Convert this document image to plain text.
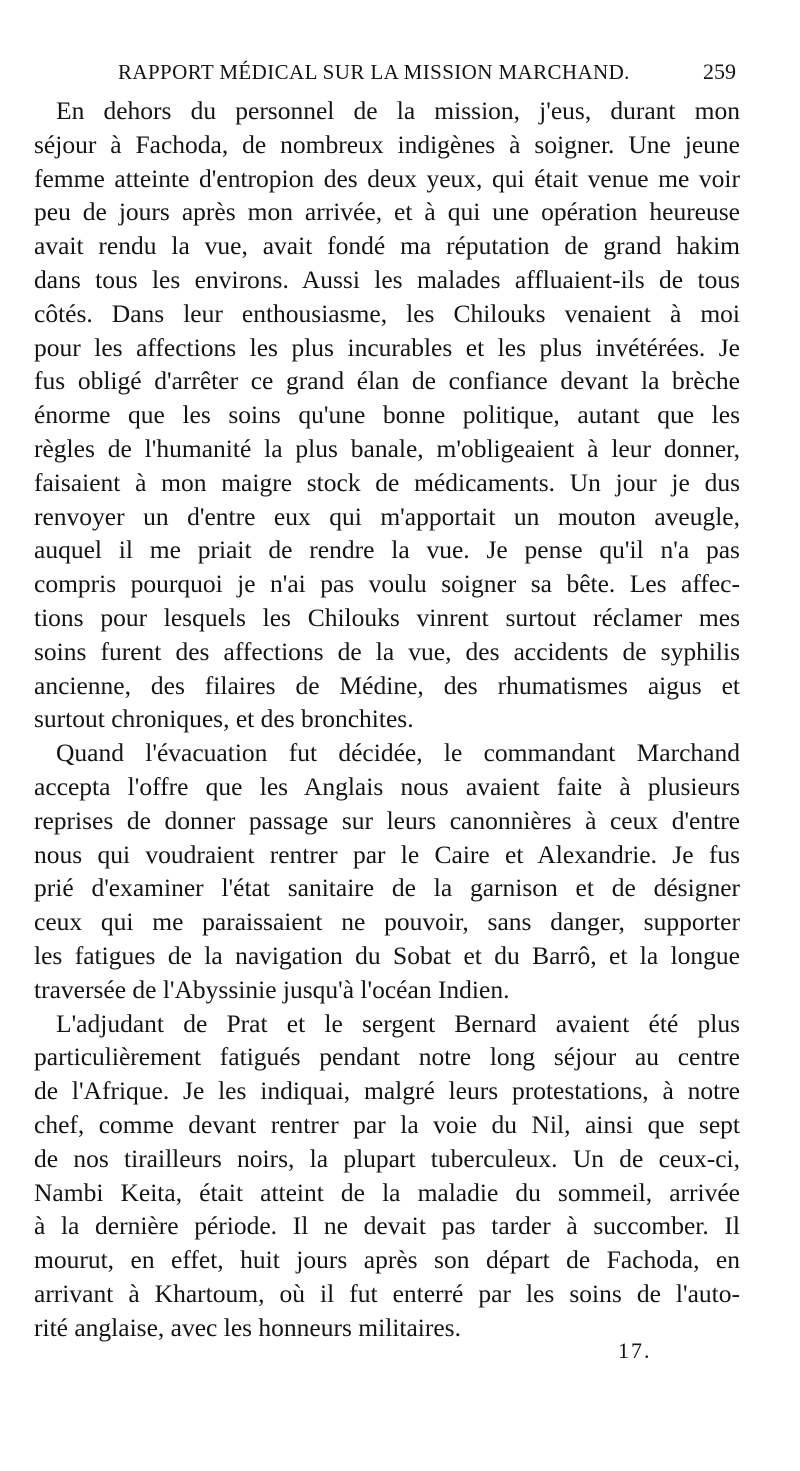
RAPPORT MÉDICAL SUR LA MISSION MARCHAND.	259
En dehors du personnel de la mission, j'eus, durant mon
séjour à Fachoda, de nombreux indigènes à soigner. Une jeune
femme atteinte d'entropion des deux yeux, qui était venue me voir
peu de jours après mon arrivée, et à qui une opération heureuse
avait rendu la vue, avait fondé ma réputation de grand hakim
dans tous les environs. Aussi les malades affluaient-ils de tous
côtés. Dans leur enthousiasme, les Chilouks venaient à moi
pour les affections les plus incurables et les plus invétérées. Je
fus obligé d'arrêter ce grand élan de confiance devant la brèche
énorme que les soins qu'une bonne politique, autant que les
règles de l'humanité la plus banale, m'obligeaient à leur donner,
faisaient à mon maigre stock de médicaments. Un jour je dus
renvoyer un d'entre eux qui m'apportait un mouton aveugle,
auquel il me priait de rendre la vue. Je pense qu'il n'a pas
compris pourquoi je n'ai pas voulu soigner sa bête. Les affec-
tions pour lesquels les Chilouks vinrent surtout réclamer mes
soins furent des affections de la vue, des accidents de syphilis
ancienne, des filaires de Médine, des rhumatismes aigus et
surtout chroniques, et des bronchites.
Quand l'évacuation fut décidée, le commandant Marchand
accepta l'offre que les Anglais nous avaient faite à plusieurs
reprises de donner passage sur leurs canonnières à ceux d'entre
nous qui voudraient rentrer par le Caire et Alexandrie. Je fus
prié d'examiner l'état sanitaire de la garnison et de désigner
ceux qui me paraissaient ne pouvoir, sans danger, supporter
les fatigues de la navigation du Sobat et du Barrô, et la longue
traversée de l'Abyssinie jusqu'à l'océan Indien.
L'adjudant de Prat et le sergent Bernard avaient été plus
particulièrement fatigués pendant notre long séjour au centre
de l'Afrique. Je les indiquai, malgré leurs protestations, à notre
chef, comme devant rentrer par la voie du Nil, ainsi que sept
de nos tirailleurs noirs, la plupart tuberculeux. Un de ceux-ci,
Nambi Keita, était atteint de la maladie du sommeil, arrivée
à la dernière période. Il ne devait pas tarder à succomber. Il
mourut, en effet, huit jours après son départ de Fachoda, en
arrivant à Khartoum, où il fut enterré par les soins de l'auto-
rité anglaise, avec les honneurs militaires.
17.
